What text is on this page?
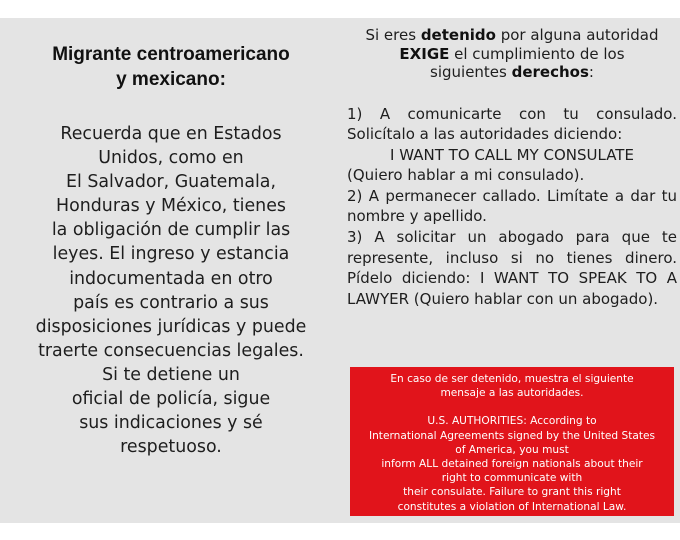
Migrante centroamericano
y mexicano:
Recuerda que en Estados
Unidos, como en
El Salvador, Guatemala,
Honduras y México, tienes
la obligación de cumplir las
leyes. El ingreso y estancia
indocumentada en otro
país es contrario a sus
disposiciones jurídicas y puede
traerte consecuencias legales.
Si te detiene un
oficial de policía, sigue
sus indicaciones y sé
respetuoso.
Si eres detenido por alguna autoridad
EXIGE el cumplimiento de los
siguientes derechos:

1) A comunicarte con tu consulado. Solicítalo a las autoridades diciendo:

I WANT TO CALL MY CONSULATE

(Quiero hablar a mi consulado).

2) A permanecer callado. Limítate a dar tu nombre y apellido.

3) A solicitar un abogado para que te represente, incluso si no tienes dinero. Pídelo diciendo: I WANT TO SPEAK TO A LAWYER (Quiero hablar con un abogado).

En caso de ser detenido, muestra el siguiente

mensaje a las autoridades.

U.S. AUTHORITIES: According to

International Agreements signed by the United States

of America, you must

inform ALL detained foreign nationals about their

right to communicate with

their consulate. Failure to grant this right

constitutes a violation of International Law.
